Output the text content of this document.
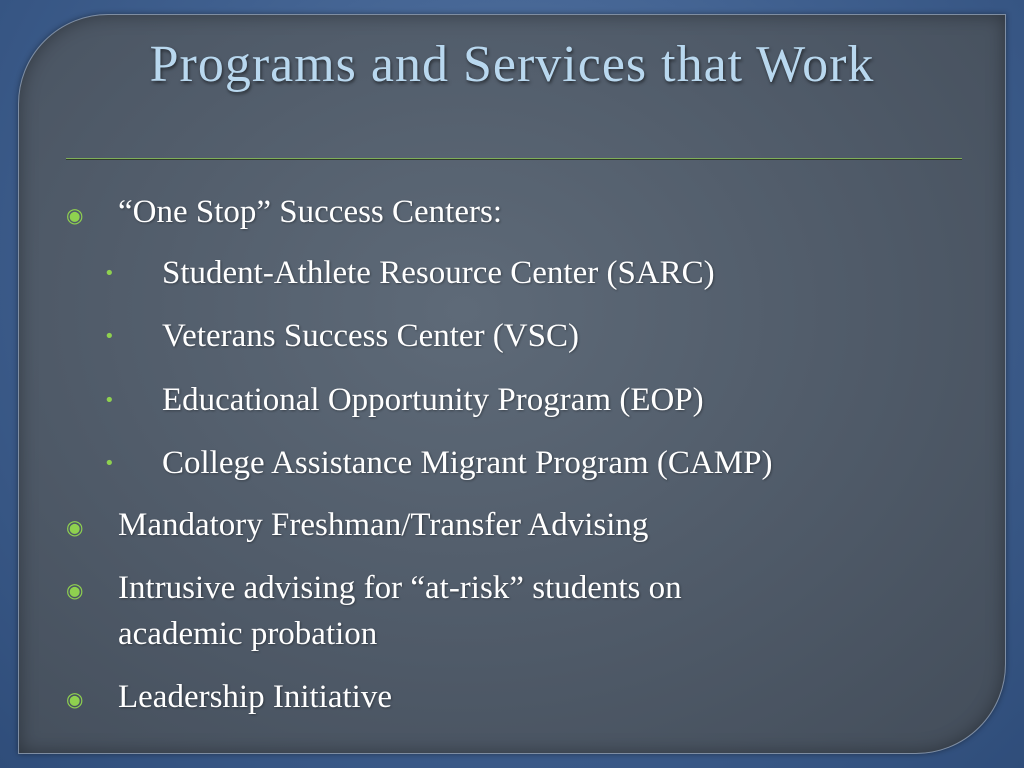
Programs and Services that Work
◉ “One Stop” Success Centers:
• Student-Athlete Resource Center (SARC)
• Veterans Success Center (VSC)
• Educational Opportunity Program (EOP)
• College Assistance Migrant Program (CAMP)
◉ Mandatory Freshman/Transfer Advising
◉ Intrusive advising for “at-risk” students on
academic probation
◉ Leadership Initiative
